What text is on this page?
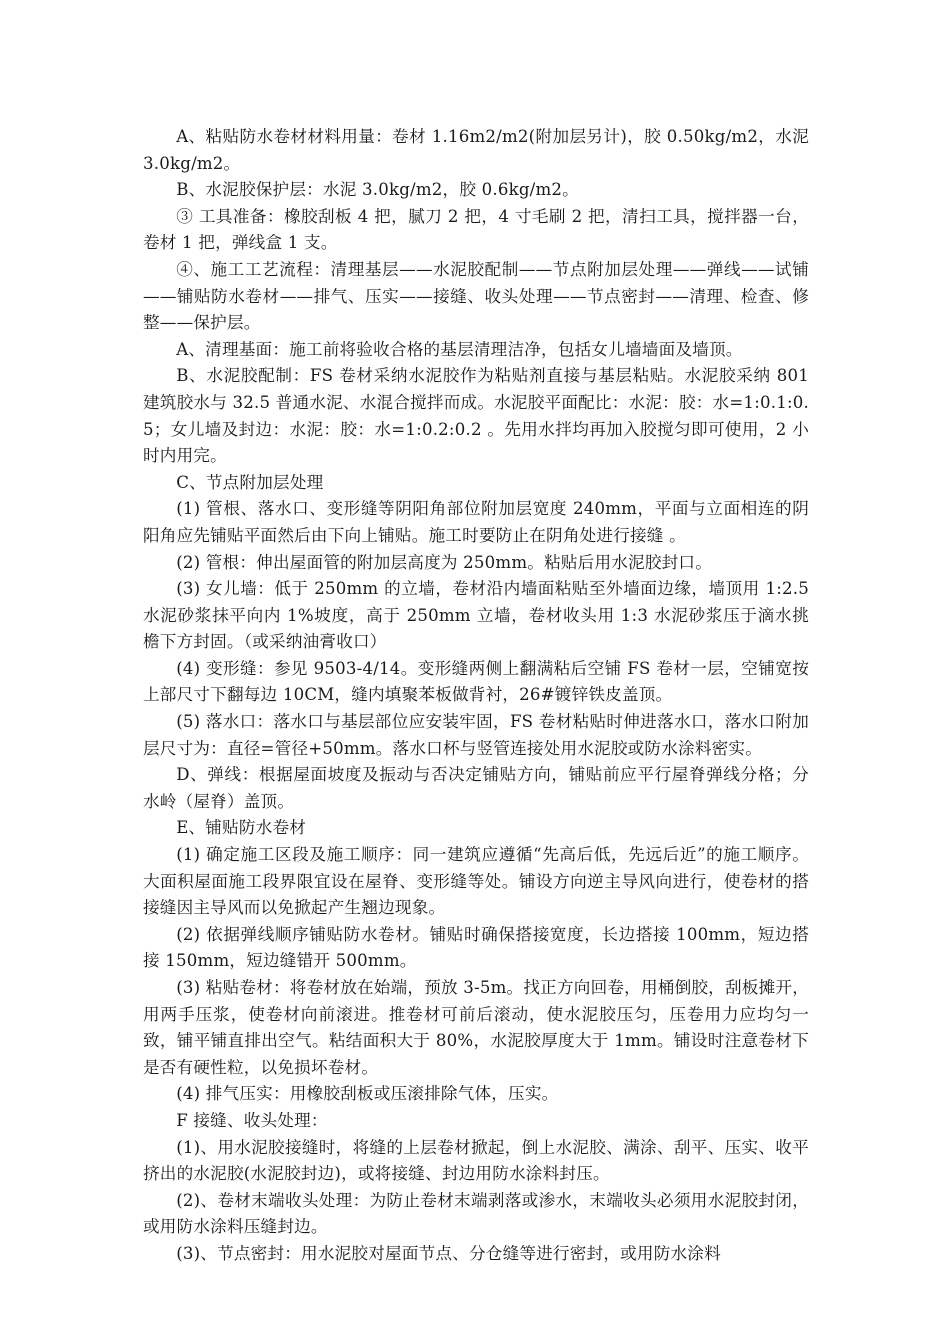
A、粘贴防水卷材材料用量：卷材 1.16m2/m2(附加层另计)，胶 0.50kg/m2，水泥 3.0kg/m2。

B、水泥胶保护层：水泥 3.0kg/m2，胶 0.6kg/m2。

③ 工具准备：橡胶刮板 4 把，腻刀 2 把，4 寸毛刷 2 把，清扫工具，搅拌器一台，卷材 1 把，弹线盒 1 支。

④、施工工艺流程：清理基层——水泥胶配制——节点附加层处理——弹线——试铺——铺贴防水卷材——排气、压实——接缝、收头处理——节点密封——清理、检查、修整——保护层。

A、清理基面：施工前将验收合格的基层清理洁净，包括女儿墙墙面及墙顶。

B、水泥胶配制：FS 卷材采纳水泥胶作为粘贴剂直接与基层粘贴。水泥胶采纳 801 建筑胶水与 32.5 普通水泥、水混合搅拌而成。水泥胶平面配比：水泥：胶：水=1:0.1:0.5；女儿墙及封边：水泥：胶：水=1:0.2:0.2 。先用水拌均再加入胶搅匀即可使用，2 小时内用完。

C、节点附加层处理

(1) 管根、落水口、变形缝等阴阳角部位附加层宽度 240mm，平面与立面相连的阴阳角应先铺贴平面然后由下向上铺贴。施工时要防止在阴角处进行接缝 。

(2) 管根：伸出屋面管的附加层高度为 250mm。粘贴后用水泥胶封口。

(3) 女儿墙：低于 250mm 的立墙，卷材沿内墙面粘贴至外墙面边缘，墙顶用 1:2.5 水泥砂浆抹平向内 1%坡度，高于 250mm 立墙，卷材收头用 1:3 水泥砂浆压于滴水挑檐下方封固。（或采纳油膏收口）

(4) 变形缝：参见 9503-4/14。变形缝两侧上翻满粘后空铺 FS 卷材一层，空铺宽按上部尺寸下翻每边 10CM，缝内填聚苯板做背衬，26#镀锌铁皮盖顶。

(5) 落水口：落水口与基层部位应安装牢固，FS 卷材粘贴时伸进落水口，落水口附加层尺寸为：直径=管径+50mm。落水口杯与竖管连接处用水泥胶或防水涂料密实。

D、弹线：根据屋面坡度及振动与否决定铺贴方向，铺贴前应平行屋脊弹线分格；分水岭（屋脊）盖顶。

E、铺贴防水卷材

(1) 确定施工区段及施工顺序：同一建筑应遵循“先高后低，先远后近”的施工顺序。大面积屋面施工段界限宜设在屋脊、变形缝等处。铺设方向逆主导风向进行，使卷材的搭接缝因主导风而以免掀起产生翘边现象。

(2) 依据弹线顺序铺贴防水卷材。铺贴时确保搭接宽度，长边搭接 100mm，短边搭接 150mm，短边缝错开 500mm。

(3) 粘贴卷材：将卷材放在始端，预放 3-5m。找正方向回卷，用桶倒胶，刮板摊开，用两手压浆，使卷材向前滚进。推卷材可前后滚动，使水泥胶压匀，压卷用力应均匀一致，铺平铺直排出空气。粘结面积大于 80%，水泥胶厚度大于 1mm。铺设时注意卷材下是否有硬性粒，以免损坏卷材。

(4) 排气压实：用橡胶刮板或压滚排除气体，压实。

F 接缝、收头处理：

(1)、用水泥胶接缝时，将缝的上层卷材掀起，倒上水泥胶、满涂、刮平、压实、收平挤出的水泥胶(水泥胶封边)，或将接缝、封边用防水涂料封压。

(2)、卷材末端收头处理：为防止卷材末端剥落或渗水，末端收头必须用水泥胶封闭，或用防水涂料压缝封边。

(3)、节点密封：用水泥胶对屋面节点、分仓缝等进行密封，或用防水涂料
